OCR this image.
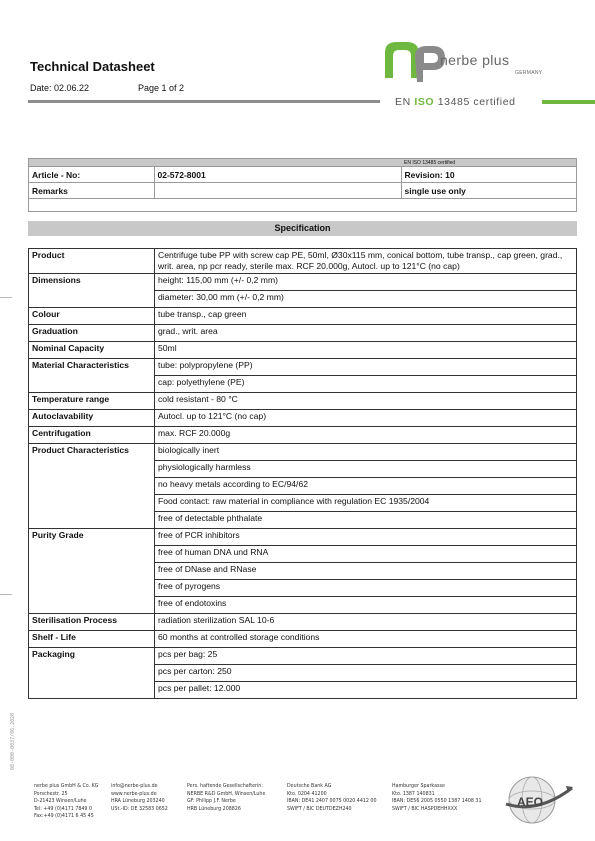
Technical Datasheet
Date: 02.06.22	Page 1 of 2
nerbe plus
GERMANY
EN ISO 13485 certified
		EN ISO 13485 certified
Article - No:	02-572-8001	Revision: 10
Remarks		single use only

Specification
Product	Centrifuge tube PP with screw cap PE, 50ml, Ø30x115 mm, conical bottom, tube transp., cap green, grad., writ. area, np pcr ready, sterile max. RCF 20.000g, Autocl. up to 121°C (no cap)
Dimensions	height: 115,00 mm (+/- 0,2 mm)
	diameter: 30,00 mm (+/- 0,2 mm)
Colour	tube transp., cap green
Graduation	grad., writ. area
Nominal Capacity	50ml
Material Characteristics	tube: polypropylene (PP)
	cap: polyethylene (PE)
Temperature range	cold resistant - 80 °C
Autoclavability	Autocl. up to 121°C (no cap)
Centrifugation	max. RCF 20.000g
Product Characteristics	biologically inert
	physiologically harmless
	no heavy metals according to EC/94/62
	Food contact: raw material in compliance with regulation EC 1935/2004
	free of detectable phthalate
Purity Grade	free of PCR inhibitors
	free of human DNA und RNA
	free of DNase and RNase
	free of pyrogens
	free of endotoxins
Sterilisation Process	radiation sterilization SAL 10-6
Shelf - Life	60 months at controlled storage conditions
Packaging	pcs per bag: 25
	pcs per carton: 250
	pcs per pallet: 12.000
08-000-0037/06.2020
nerbe plus GmbH & Co. KG
Porschestr. 25
D-21423 Winsen/Luhe
Tel: +49 (0)4171 7849 0
Fax:+49 (0)4171 6 45 45
info@nerbe-plus.de
www.nerbe-plus.de
HRA Lüneburg 203240
USt.-ID: DE 32583 0652
Pers. haftende Gesellschafterin:
NERBE R&D GmbH, Winsen/Luhe
GF: Philipp J.F. Nerbe
HRB Lüneburg 208826
Deutsche Bank AG
Kto. 0204 41200
IBAN: DE41 2407 0075 0020 4412 00
SWIFT / BIC DEUTDEZH240
Hamburger Sparkasse
Kto. 1387 140831
IBAN: DE56 2005 0550 1387 1408 31
SWIFT / BIC HASPDEHHXXX	AEO
